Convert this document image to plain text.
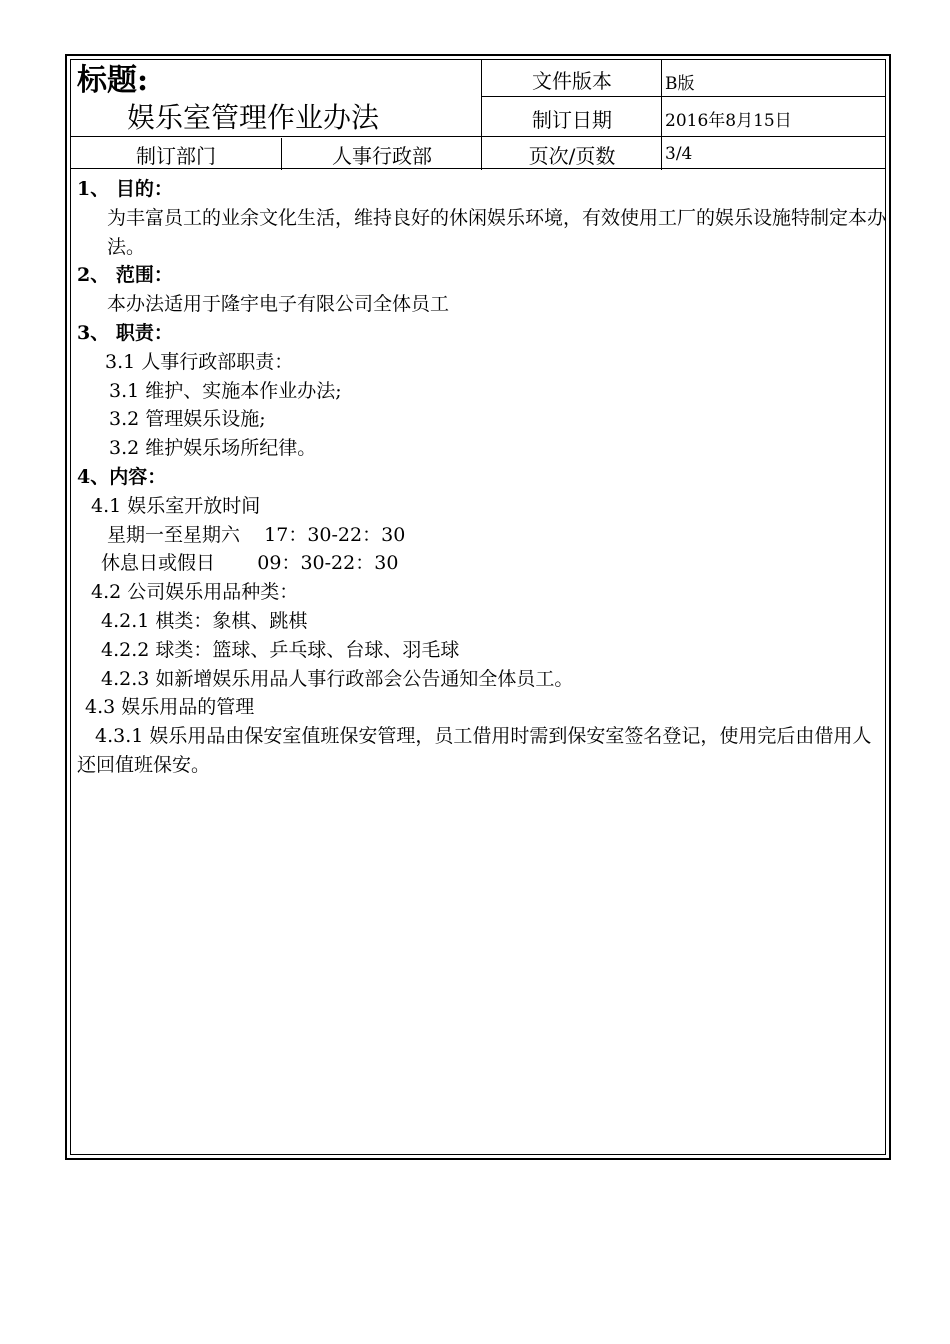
标题:
娱乐室管理作业办法
文件版本	B版
制订日期	2016年8月15日
制订部门	人事行政部	页次/页数	3/4
1、 目的：
为丰富员工的业余文化生活，维持良好的休闲娱乐环境，有效使用工厂的娱乐设施特制定本办法。
2、 范围：
本办法适用于隆宇电子有限公司全体员工
3、 职责：
3.1 人事行政部职责：
3.1 维护、实施本作业办法;
3.2 管理娱乐设施;
3.2 维护娱乐场所纪律。
4、内容：
4.1 娱乐室开放时间
星期一至星期六    17：30-22：30
休息日或假日       09：30-22：30
4.2 公司娱乐用品种类：
4.2.1 棋类：象棋、跳棋
4.2.2 球类：篮球、乒乓球、台球、羽毛球
4.2.3 如新增娱乐用品人事行政部会公告通知全体员工。
4.3 娱乐用品的管理
4.3.1 娱乐用品由保安室值班保安管理，员工借用时需到保安室签名登记，使用完后由借用人还回值班保安。
